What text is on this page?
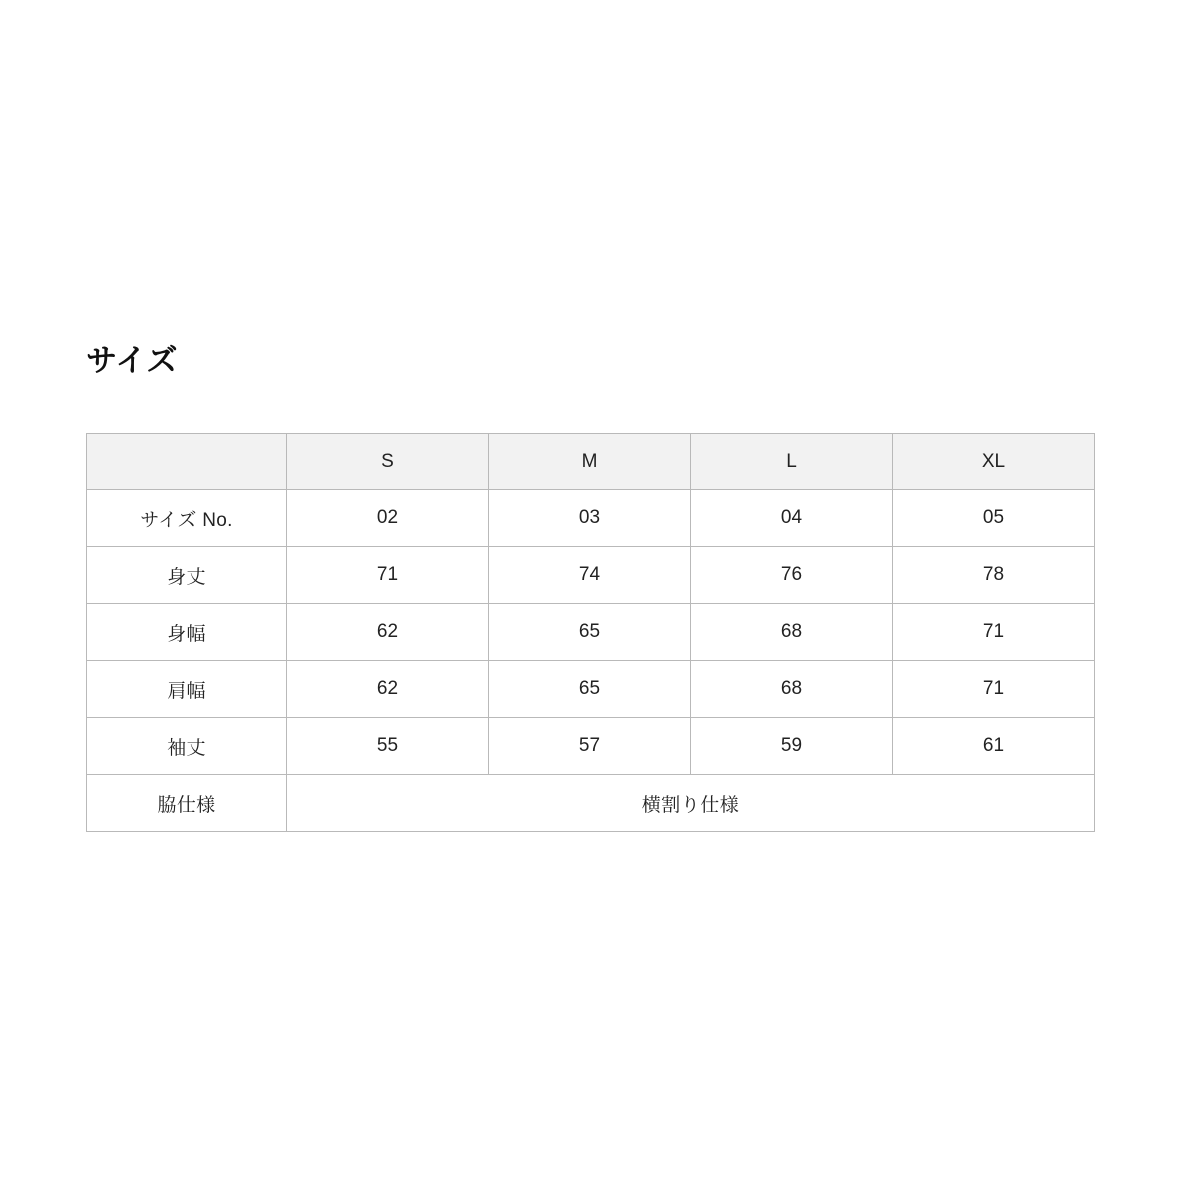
サイズ
	S	M	L	XL
サイズ No.	02	03	04	05
身丈	71	74	76	78
身幅	62	65	68	71
肩幅	62	65	68	71
袖丈	55	57	59	61
脇仕様	横割り仕様			
